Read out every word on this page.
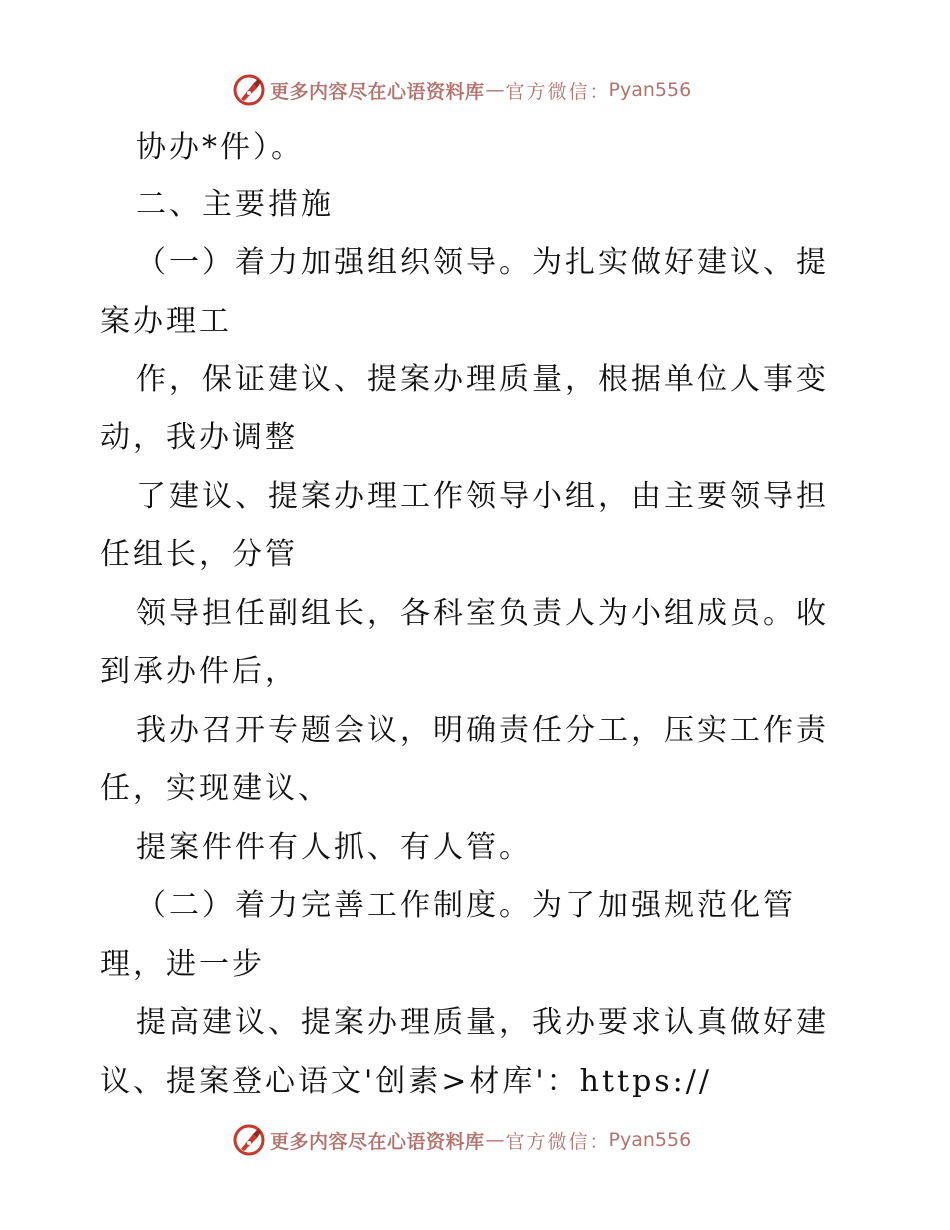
更多内容尽在心语资料库 — 官方微信 ： Pyan556
协办*件）。
二、主要措施
（一）着力加强组织领导。为扎实做好建议、提
案办理工
作，保证建议、提案办理质量，根据单位人事变
动，我办调整
了建议、提案办理工作领导小组，由主要领导担
任组长，分管
领导担任副组长，各科室负责人为小组成员。收
到承办件后，
我办召开专题会议，明确责任分工，压实工作责
任，实现建议、
提案件件有人抓、有人管。
（二）着力完善工作制度。为了加强规范化管
理，进一步
提高建议、提案办理质量，我办要求认真做好建
议、提案登心语文'创素>材库'：https://
更多内容尽在心语资料库 — 官方微信 ： Pyan556
